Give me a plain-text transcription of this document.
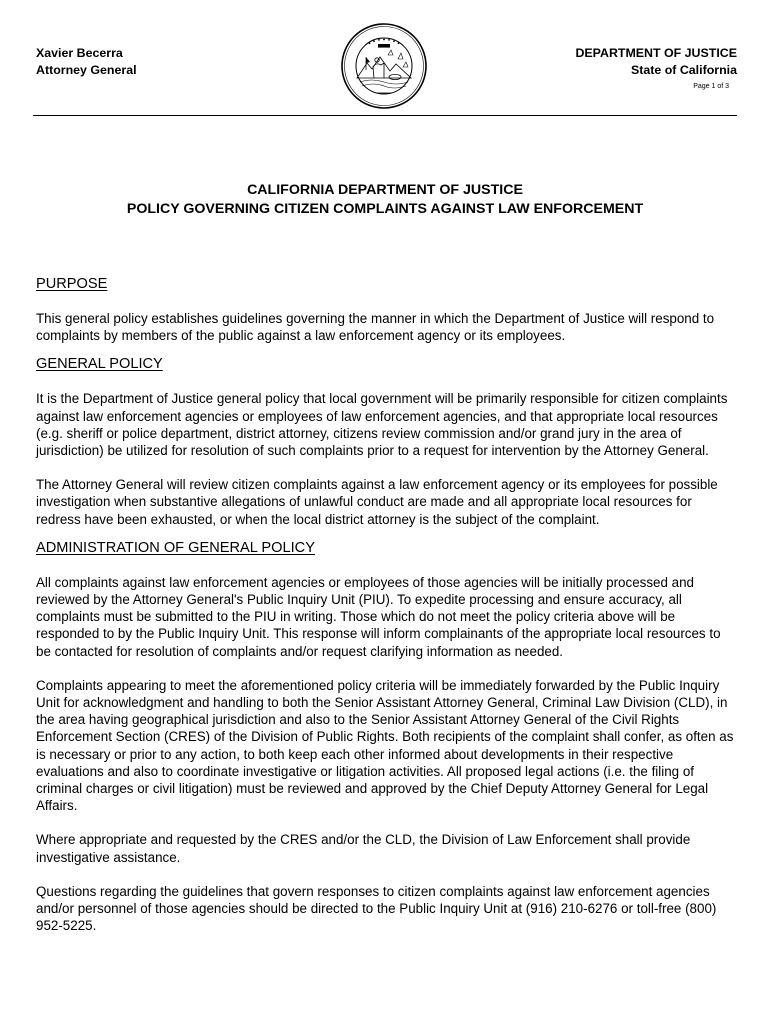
Xavier Becerra
Attorney General
DEPARTMENT OF JUSTICE
State of California
Page 1 of 3
CALIFORNIA DEPARTMENT OF JUSTICE
POLICY GOVERNING CITIZEN COMPLAINTS AGAINST LAW ENFORCEMENT
PURPOSE

This general policy establishes guidelines governing the manner in which the Department of Justice will respond to complaints by members of the public against a law enforcement agency or its employees.

GENERAL POLICY

It is the Department of Justice general policy that local government will be primarily responsible for citizen complaints against law enforcement agencies or employees of law enforcement agencies, and that appropriate local resources (e.g. sheriff or police department, district attorney, citizens review commission and/or grand jury in the area of jurisdiction) be utilized for resolution of such complaints prior to a request for intervention by the Attorney General.

The Attorney General will review citizen complaints against a law enforcement agency or its employees for possible investigation when substantive allegations of unlawful conduct are made and all appropriate local resources for redress have been exhausted, or when the local district attorney is the subject of the complaint.

ADMINISTRATION OF GENERAL POLICY

All complaints against law enforcement agencies or employees of those agencies will be initially processed and reviewed by the Attorney General's Public Inquiry Unit (PIU). To expedite processing and ensure accuracy, all complaints must be submitted to the PIU in writing. Those which do not meet the policy criteria above will be responded to by the Public Inquiry Unit. This response will inform complainants of the appropriate local resources to be contacted for resolution of complaints and/or request clarifying information as needed.

Complaints appearing to meet the aforementioned policy criteria will be immediately forwarded by the Public Inquiry Unit for acknowledgment and handling to both the Senior Assistant Attorney General, Criminal Law Division (CLD), in the area having geographical jurisdiction and also to the Senior Assistant Attorney General of the Civil Rights Enforcement Section (CRES) of the Division of Public Rights. Both recipients of the complaint shall confer, as often as is necessary or prior to any action, to both keep each other informed about developments in their respective evaluations and also to coordinate investigative or litigation activities. All proposed legal actions (i.e. the filing of criminal charges or civil litigation) must be reviewed and approved by the Chief Deputy Attorney General for Legal Affairs.

Where appropriate and requested by the CRES and/or the CLD, the Division of Law Enforcement shall provide investigative assistance.

Questions regarding the guidelines that govern responses to citizen complaints against law enforcement agencies and/or personnel of those agencies should be directed to the Public Inquiry Unit at (916) 210-6276 or toll-free (800) 952-5225.
